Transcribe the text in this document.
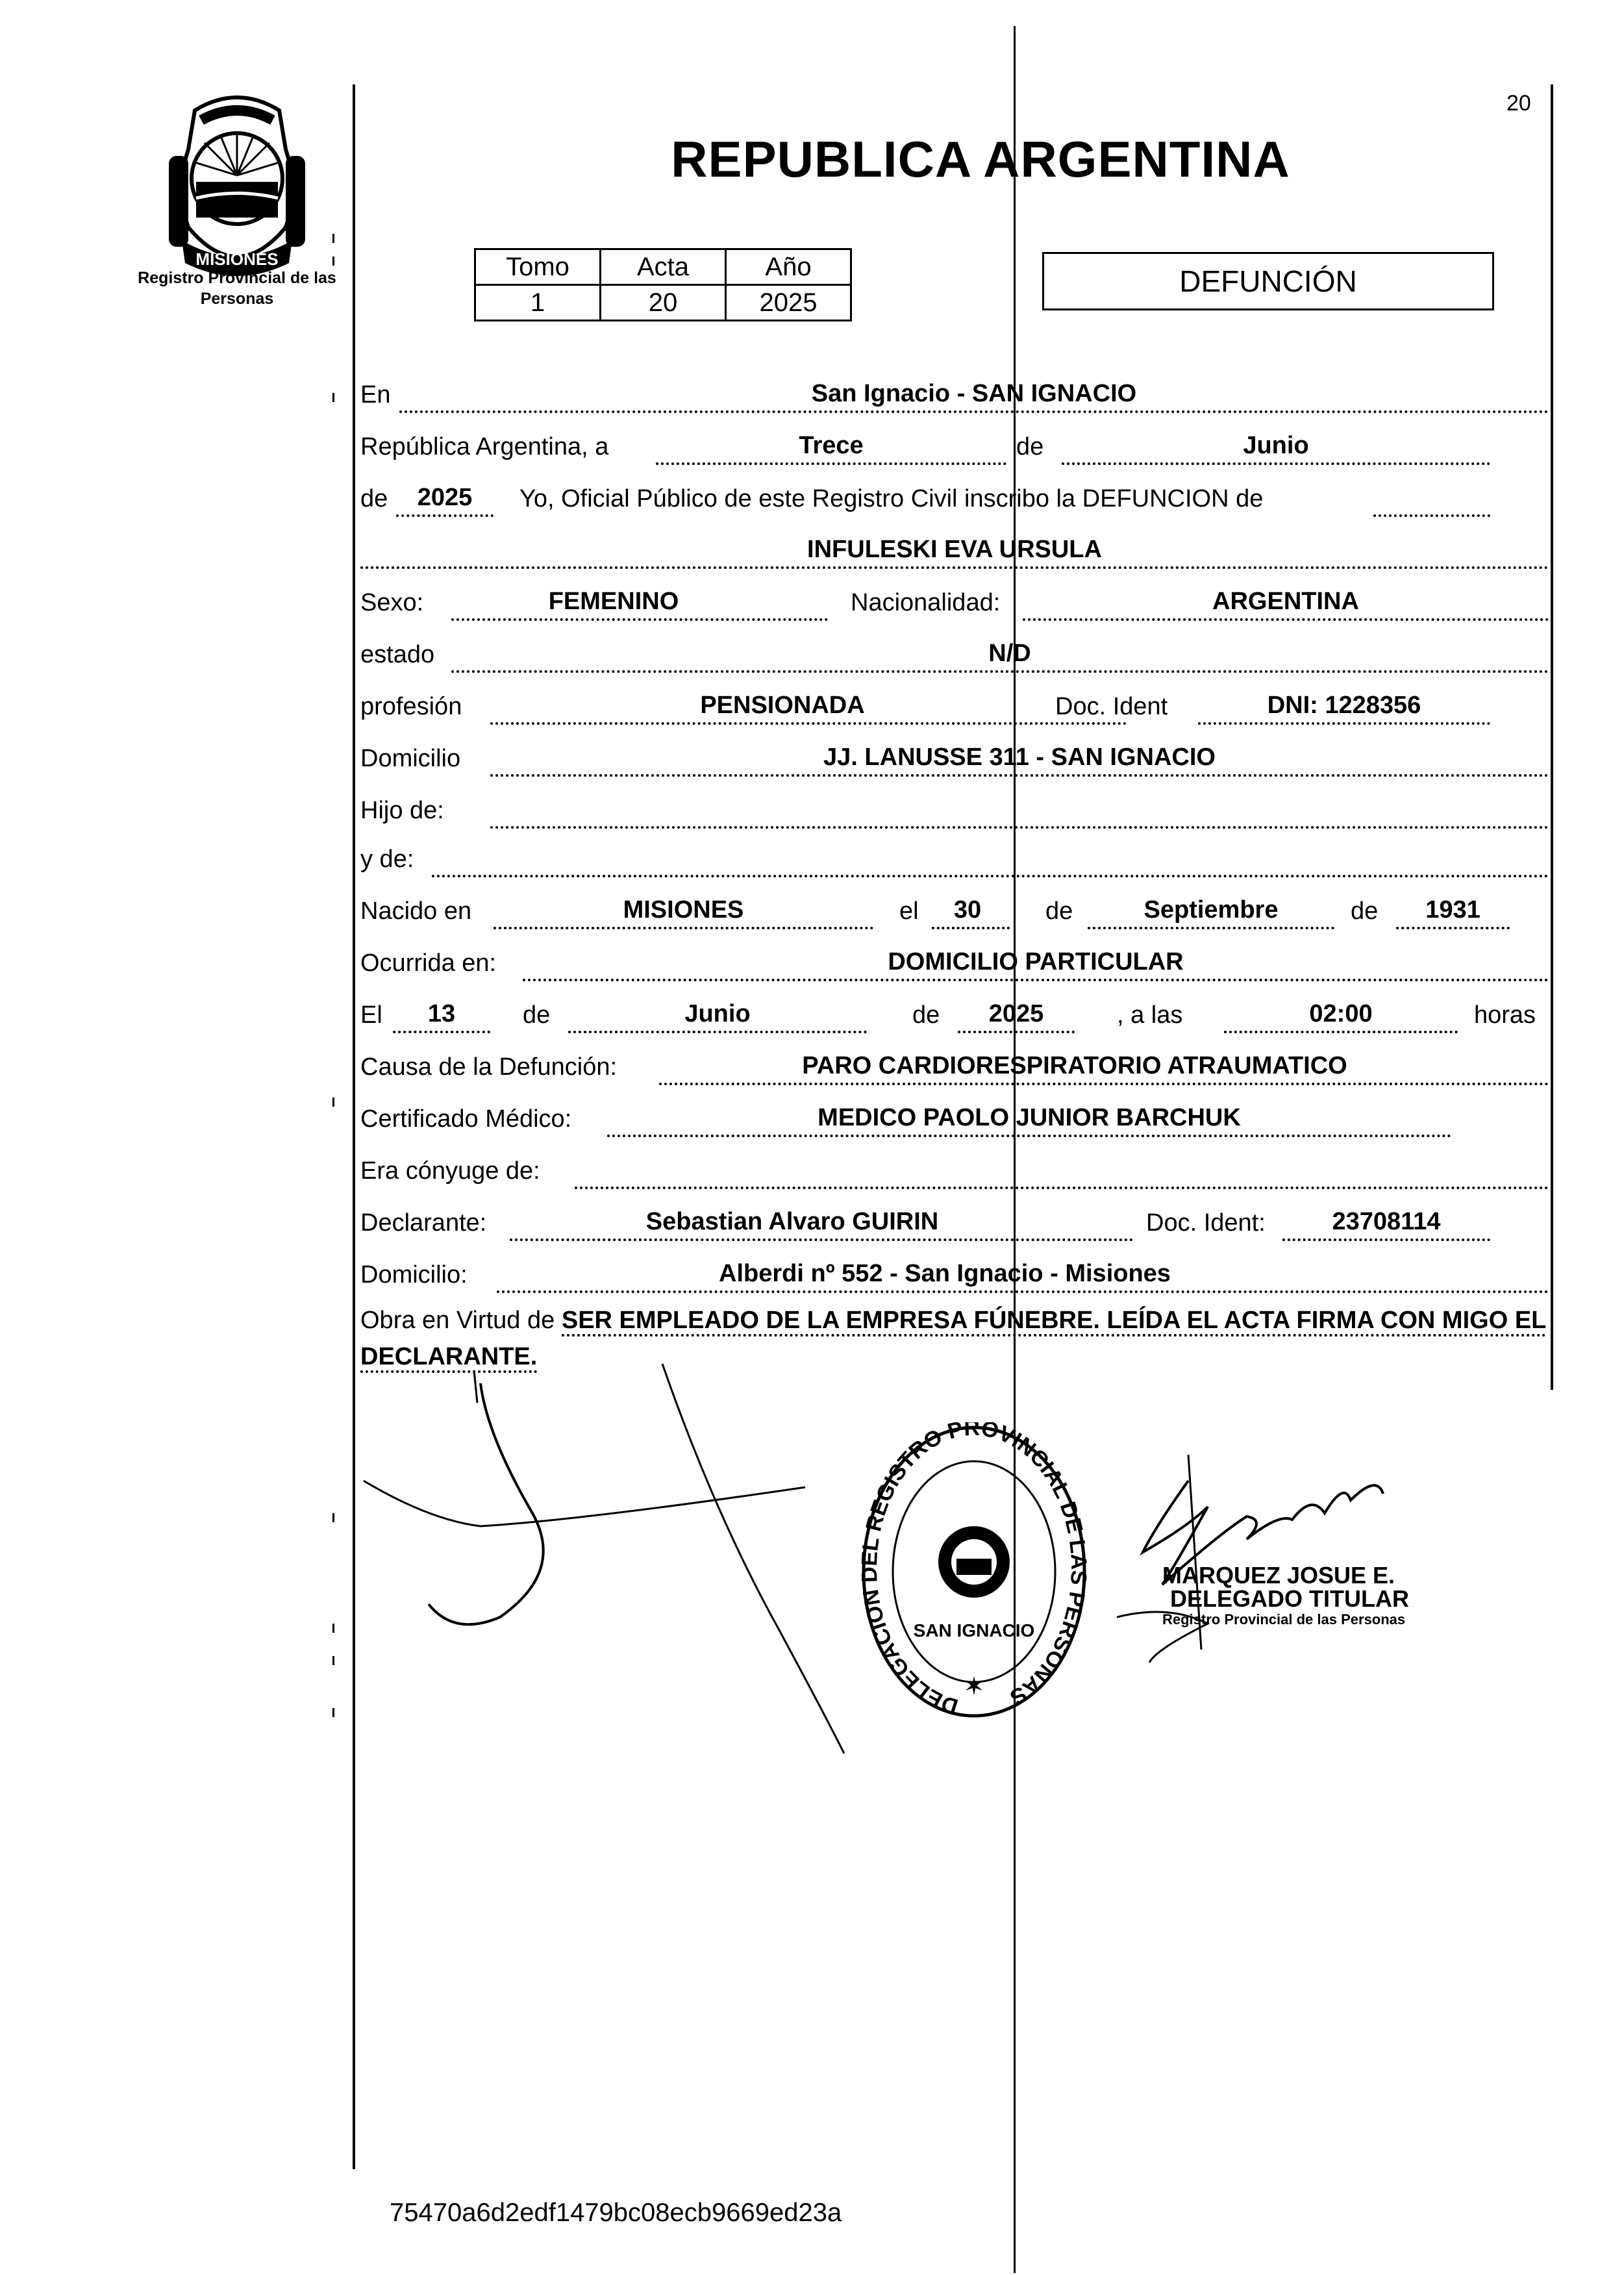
MISIONES
Registro Provincial de las Personas
20
REPUBLICA ARGENTINA
Tomo	Acta	Año
1	20	2025
DEFUNCIÓN
En	San Ignacio - SAN IGNACIO
República Argentina, a	Trece	de	Junio
de	2025	Yo, Oficial Público de este Registro Civil inscribo la DEFUNCION de
INFULESKI EVA URSULA
Sexo:	FEMENINO	Nacionalidad:	ARGENTINA
estado	N/D
profesión	PENSIONADA	Doc. Ident	DNI: 1228356
Domicilio	JJ. LANUSSE 311 - SAN IGNACIO
Hijo de:
y de:
Nacido en	MISIONES	el	30	de	Septiembre	de	1931
Ocurrida en:	DOMICILIO PARTICULAR
El	13	de	Junio	de	2025	, a las	02:00	horas
Causa de la Defunción:	PARO CARDIORESPIRATORIO ATRAUMATICO
Certificado Médico:	MEDICO PAOLO JUNIOR BARCHUK
Era cónyuge de:
Declarante:	Sebastian Alvaro GUIRIN	Doc. Ident:	23708114
Domicilio:	Alberdi nº 552 - San Ignacio - Misiones
Obra en Virtud de SER EMPLEADO DE LA EMPRESA FÚNEBRE. LEÍDA EL ACTA FIRMA CON MIGO EL DECLARANTE.
DELEGACION L REGISTRO PROVINCIAL DE PERSONAS
SAN IGNACIO
✶
MARQUEZ JOSUE E.
DELEGADO TITULAR
Registro Provincial de las Personas
75470a6d2edf1479bc08ecb9669ed23a
